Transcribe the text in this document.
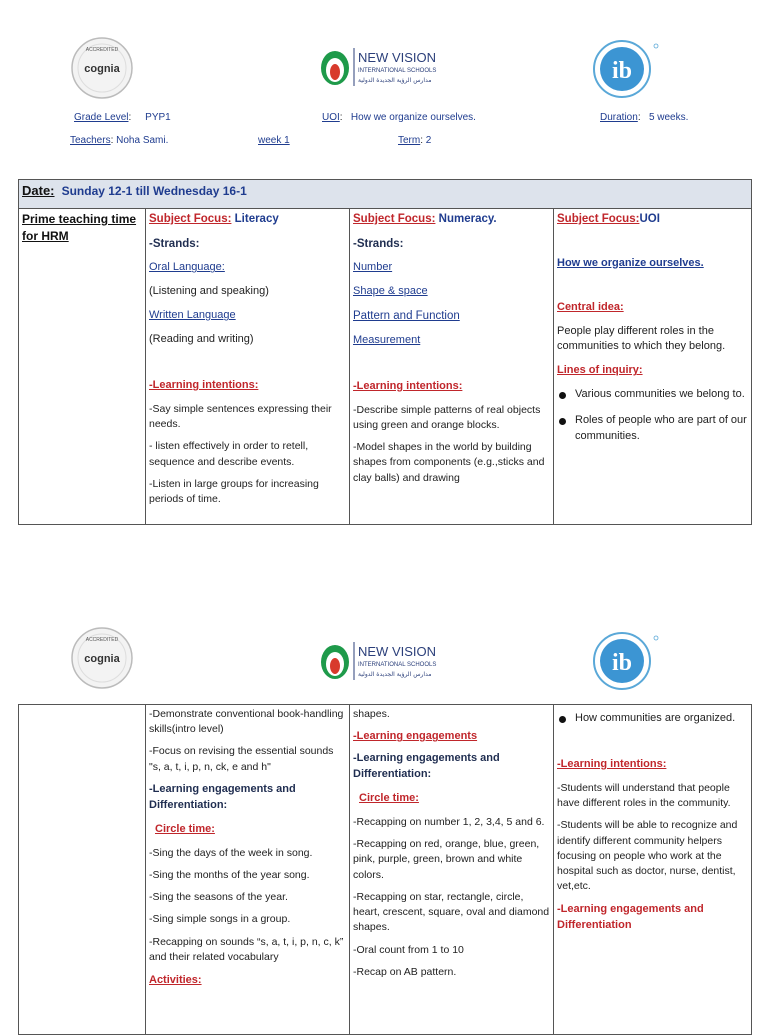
ACCREDITED
cognia
NEW VISION
INTERNATIONAL SCHOOLS
مدارس الرؤية الجديدة الدولية	ib
Grade Level:     PYP1	UOI:   How we organize ourselves.	Duration:   5 weeks.
Teachers: Noha Sami.	week 1	Term: 2
Date: Sunday 12-1 till Wednesday 16-1

Prime teaching time for HRM

Subject Focus: Literacy
-Strands:
Oral Language:
(Listening and speaking)
Written Language
(Reading and writing)
-Learning intentions:
-Say simple sentences expressing their needs.
- listen effectively in order to retell, sequence and describe events.
-Listen in large groups for increasing periods of time.

Subject Focus: Numeracy.
-Strands:
Number
Shape & space
Pattern and Function
Measurement
-Learning intentions:
-Describe simple patterns of real objects using green and orange blocks.
-Model shapes in the world by building shapes from components (e.g.,sticks and clay balls) and drawing

Subject Focus:UOI
How we organize ourselves.
Central idea:
People play different roles in the communities to which they belong.
Lines of inquiry:
Various communities we belong to.
Roles of people who are part of our communities.
ACCREDITED
cognia	NEW VISION
INTERNATIONAL SCHOOLS
مدارس الرؤية الجديدة الدولية	ib

-Demonstrate conventional book-handling skills(intro level)
-Focus on revising the essential sounds "s, a, t, i, p, n, ck, e and h"
-Learning engagements and Differentiation:
Circle time:
-Sing the days of the week in song.
-Sing the months of the year song.
-Sing the seasons of the year.
-Sing simple songs in a group.
-Recapping on sounds “s, a, t, i, p, n, c, k” and their related vocabulary
Activities:

shapes.
-Learning engagements
-Learning engagements and Differentiation:
Circle time:
-Recapping on number 1, 2, 3,4, 5 and 6.
-Recapping on red, orange, blue, green, pink, purple, green, brown and white colors.
-Recapping on star, rectangle, circle, heart, crescent, square, oval and diamond shapes.
-Oral count from 1 to 10
-Recap on AB pattern.

How communities are organized.
-Learning intentions:
-Students will understand that people have different roles in the community.
-Students will be able to recognize and identify different community helpers focusing on people who work at the hospital such as doctor, nurse, dentist, vet,etc.
-Learning engagements and Differentiation
